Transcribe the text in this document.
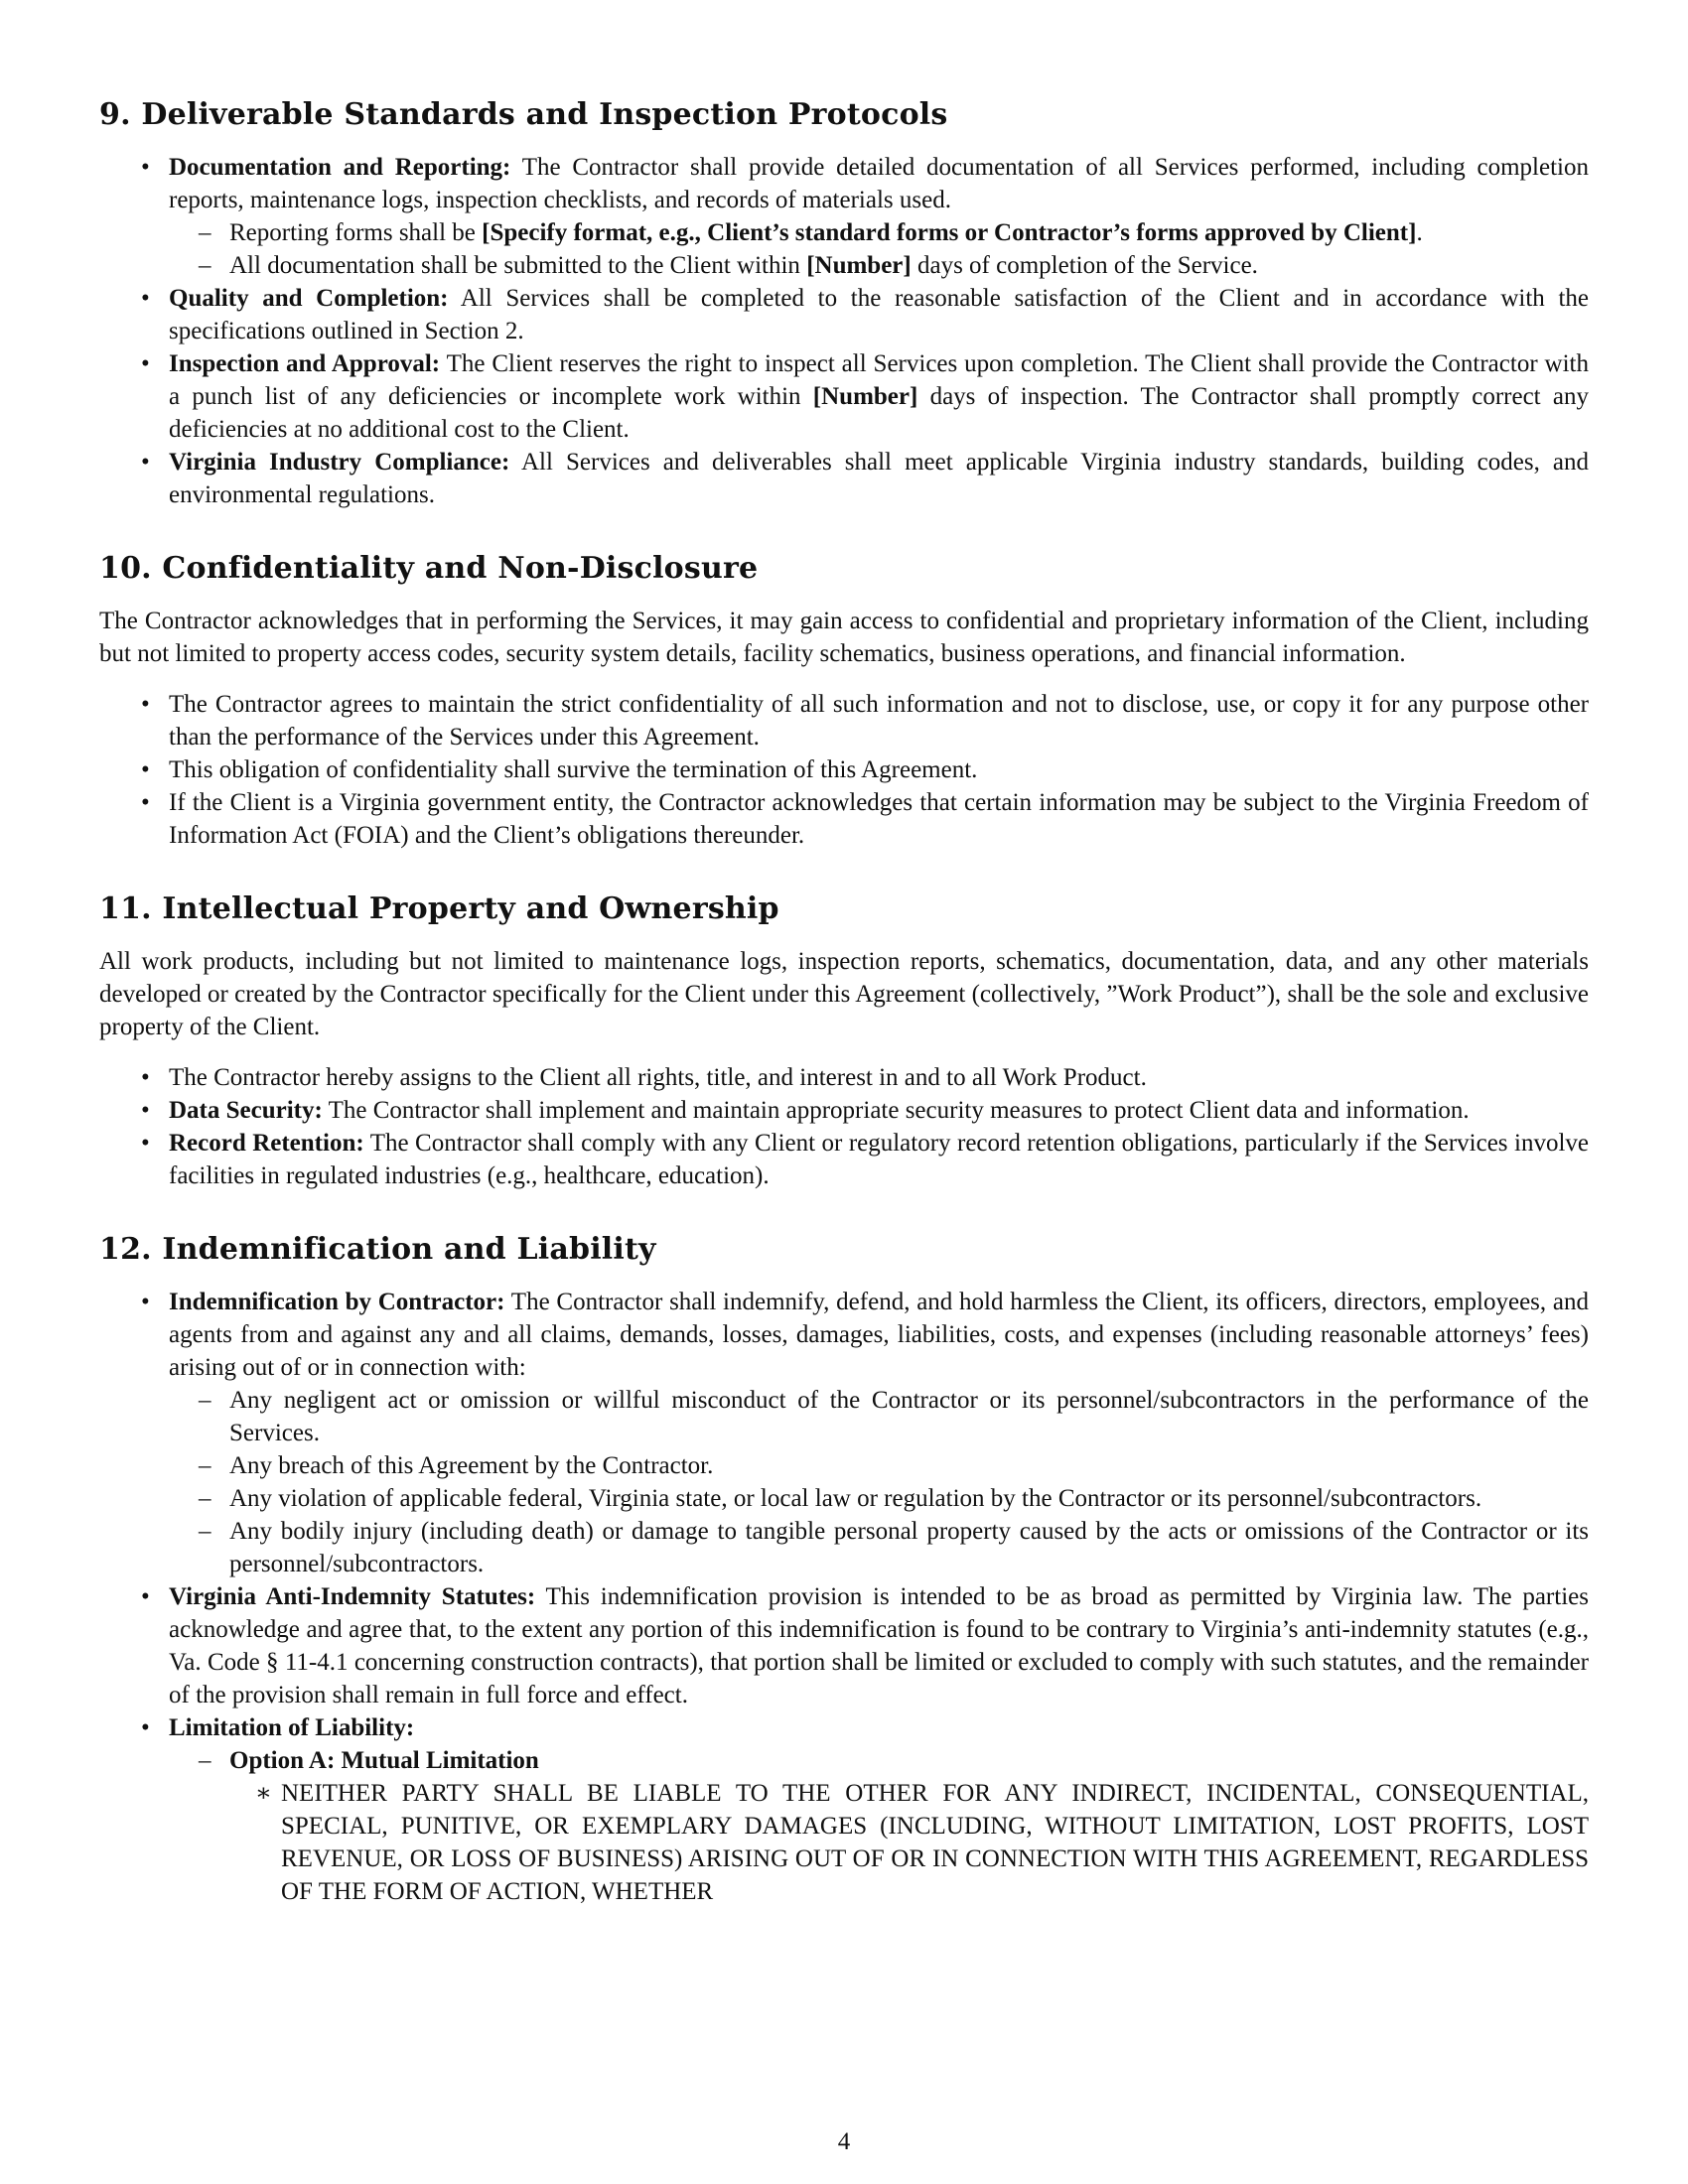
9. Deliverable Standards and Inspection Protocols
• Documentation and Reporting: The Contractor shall provide detailed documentation of all Services performed, including completion reports, maintenance logs, inspection checklists, and records of materials used.
– Reporting forms shall be [Specify format, e.g., Client’s standard forms or Contractor’s forms approved by Client].
– All documentation shall be submitted to the Client within [Number] days of completion of the Service.
• Quality and Completion: All Services shall be completed to the reasonable satisfaction of the Client and in accordance with the specifications outlined in Section 2.
• Inspection and Approval: The Client reserves the right to inspect all Services upon completion. The Client shall provide the Contractor with a punch list of any deficiencies or incomplete work within [Number] days of inspection. The Contractor shall promptly correct any deficiencies at no additional cost to the Client.
• Virginia Industry Compliance: All Services and deliverables shall meet applicable Virginia industry standards, building codes, and environmental regulations.
10. Confidentiality and Non-Disclosure

The Contractor acknowledges that in performing the Services, it may gain access to confidential and proprietary information of the Client, including but not limited to property access codes, security system details, facility schematics, business operations, and financial information.

• The Contractor agrees to maintain the strict confidentiality of all such information and not to disclose, use, or copy it for any purpose other than the performance of the Services under this Agreement.
• This obligation of confidentiality shall survive the termination of this Agreement.
• If the Client is a Virginia government entity, the Contractor acknowledges that certain information may be subject to the Virginia Freedom of Information Act (FOIA) and the Client’s obligations thereunder.
11. Intellectual Property and Ownership

All work products, including but not limited to maintenance logs, inspection reports, schematics, documentation, data, and any other materials developed or created by the Contractor specifically for the Client under this Agreement (collectively, ”Work Product”), shall be the sole and exclusive property of the Client.

• The Contractor hereby assigns to the Client all rights, title, and interest in and to all Work Product.
• Data Security: The Contractor shall implement and maintain appropriate security measures to protect Client data and information.
• Record Retention: The Contractor shall comply with any Client or regulatory record retention obligations, particularly if the Services involve facilities in regulated industries (e.g., healthcare, education).
12. Indemnification and Liability
• Indemnification by Contractor: The Contractor shall indemnify, defend, and hold harmless the Client, its officers, directors, employees, and agents from and against any and all claims, demands, losses, damages, liabilities, costs, and expenses (including reasonable attorneys’ fees) arising out of or in connection with:
– Any negligent act or omission or willful misconduct of the Contractor or its personnel/subcontractors in the performance of the Services.
– Any breach of this Agreement by the Contractor.
– Any violation of applicable federal, Virginia state, or local law or regulation by the Contractor or its personnel/subcontractors.
– Any bodily injury (including death) or damage to tangible personal property caused by the acts or omissions of the Contractor or its personnel/subcontractors.
• Virginia Anti-Indemnity Statutes: This indemnification provision is intended to be as broad as permitted by Virginia law. The parties acknowledge and agree that, to the extent any portion of this indemnification is found to be contrary to Virginia’s anti-indemnity statutes (e.g., Va. Code § 11-4.1 concerning construction contracts), that portion shall be limited or excluded to comply with such statutes, and the remainder of the provision shall remain in full force and effect.
• Limitation of Liability:
– Option A: Mutual Limitation
∗ NEITHER PARTY SHALL BE LIABLE TO THE OTHER FOR ANY INDIRECT, INCIDENTAL, CONSEQUENTIAL, SPECIAL, PUNITIVE, OR EXEMPLARY DAMAGES (INCLUDING, WITHOUT LIMITATION, LOST PROFITS, LOST REVENUE, OR LOSS OF BUSINESS) ARISING OUT OF OR IN CONNECTION WITH THIS AGREEMENT, REGARDLESS OF THE FORM OF ACTION, WHETHER
4
